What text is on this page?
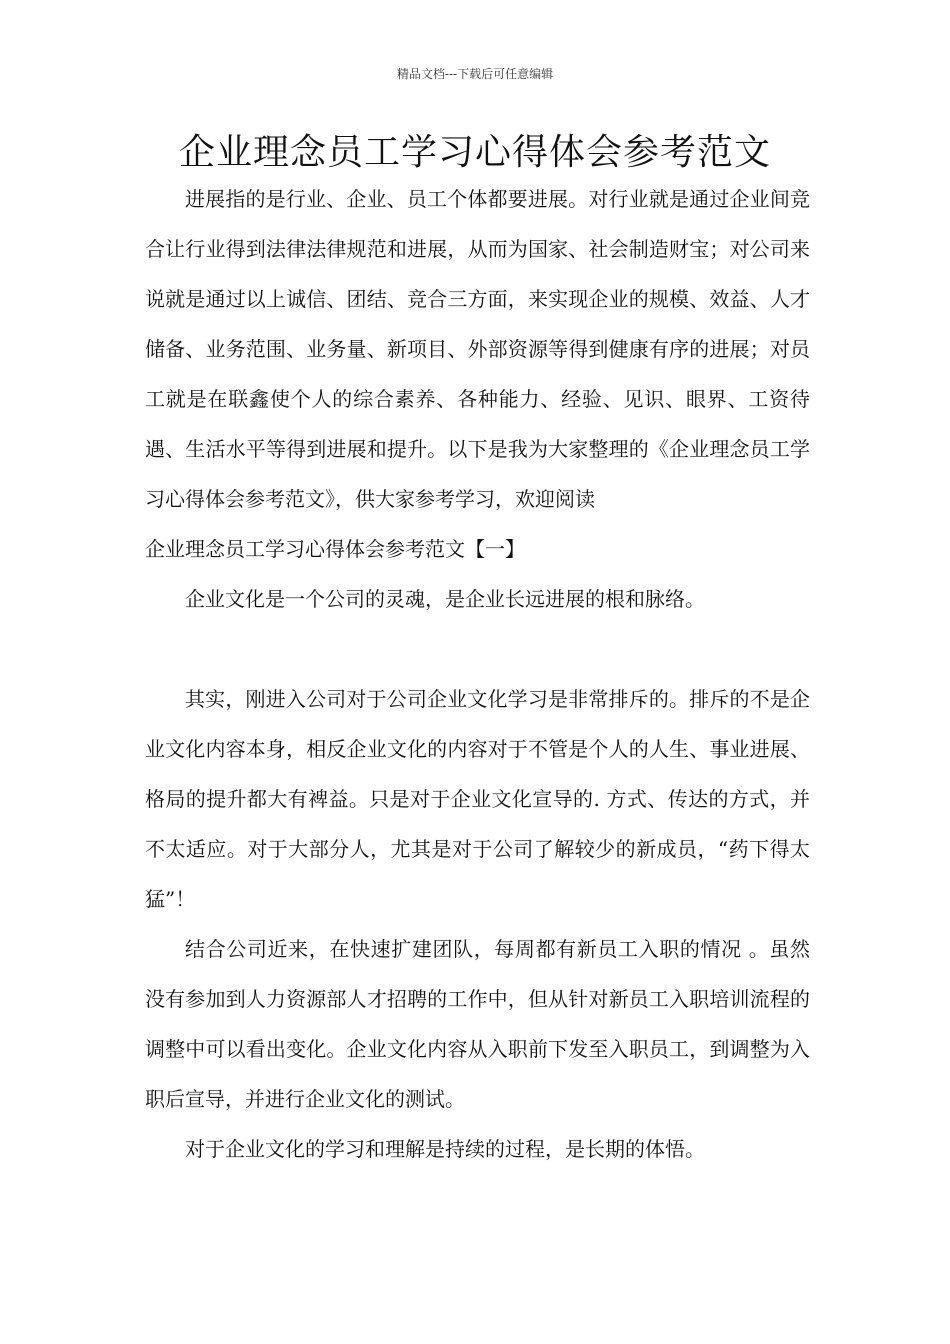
精品文档---下载后可任意编辑
企业理念员工学习心得体会参考范文

进展指的是行业、企业、员工个体都要进展。对行业就是通过企业间竞合让行业得到法律法律规范和进展，从而为国家、社会制造财宝；对公司来说就是通过以上诚信、团结、竞合三方面，来实现企业的规模、效益、人才储备、业务范围、业务量、新项目、外部资源等得到健康有序的进展；对员工就是在联鑫使个人的综合素养、各种能力、经验、见识、眼界、工资待遇、生活水平等得到进展和提升。以下是我为大家整理的《企业理念员工学习心得体会参考范文》，供大家参考学习，欢迎阅读

企业理念员工学习心得体会参考范文【一】

企业文化是一个公司的灵魂，是企业长远进展的根和脉络。

其实，刚进入公司对于公司企业文化学习是非常排斥的。排斥的不是企业文化内容本身，相反企业文化的内容对于不管是个人的人生、事业进展、格局的提升都大有裨益。只是对于企业文化宣导的. 方式、传达的方式，并不太适应。对于大部分人，尤其是对于公司了解较少的新成员，“药下得太猛”！

结合公司近来，在快速扩建团队，每周都有新员工入职的情况 。虽然没有参加到人力资源部人才招聘的工作中，但从针对新员工入职培训流程的调整中可以看出变化。企业文化内容从入职前下发至入职员工，到调整为入职后宣导，并进行企业文化的测试。

对于企业文化的学习和理解是持续的过程，是长期的体悟。
